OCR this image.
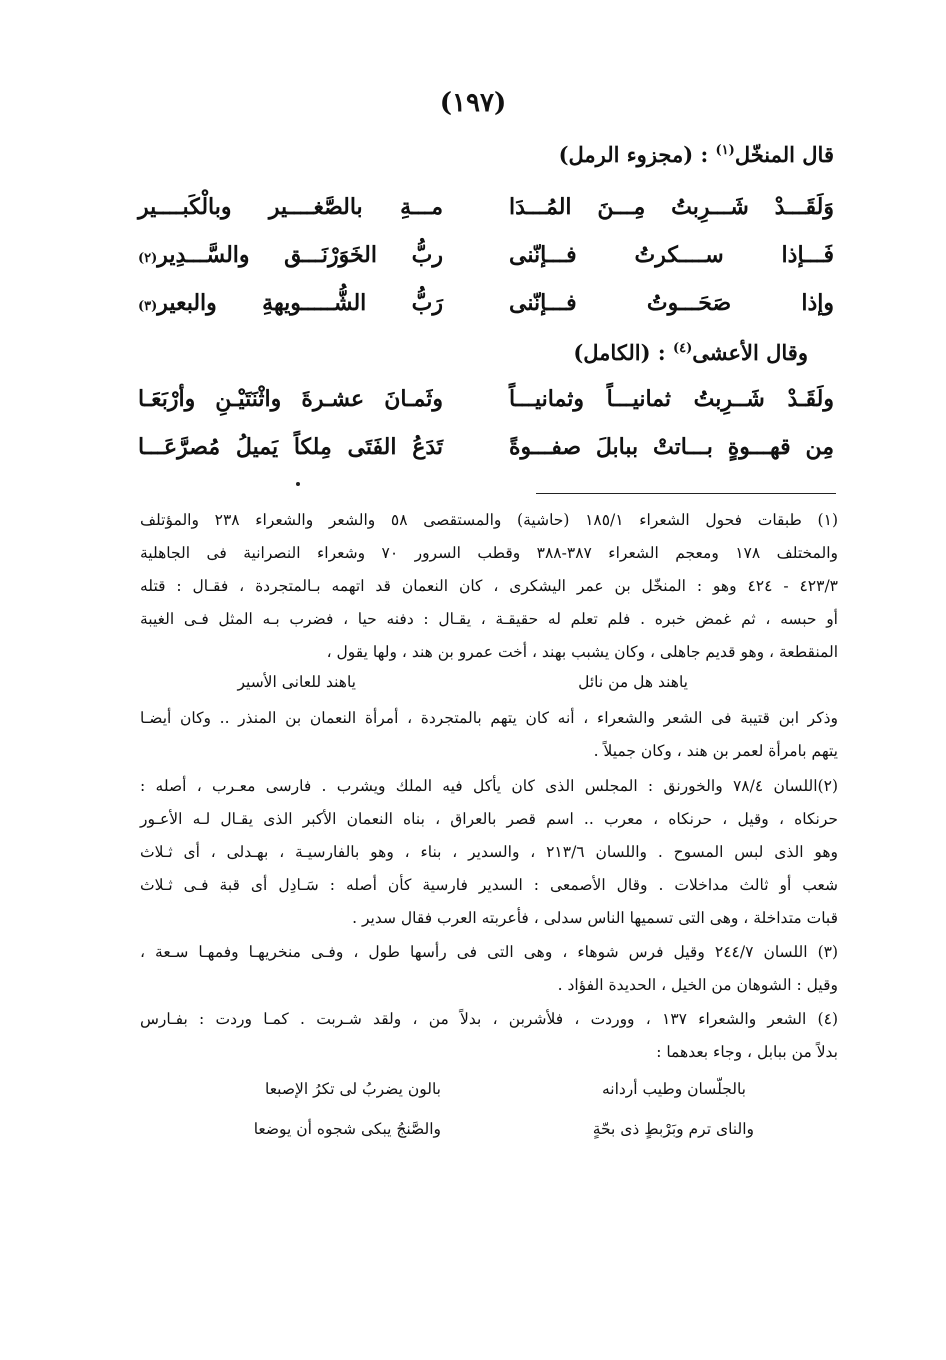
(١٩٧)
قال المنخّل$^{(١)}$ : (مجزوء الرمل)
وَلَقَـــدْ شَـــرِبتُ مِـــنَ المُـــدَا
مـــةِ بالصَّغــــير وبالْكَبــــير
فَـــإذا ســــكرتُ فـــإنّنى
ربُّ الخَوَرْنَـــق والسَّـــدِير(٢)
وإذا صَحَـــوتُ فـــإنّنى
رَبُّ الشُّـــــويهةِ والبعير(٣)
وقال الأعشى$^{(٤)}$ : (الكامل)
ولَقَـدْ شَــرِبتُ ثمانيـــاً وثمانيـــاً
وثَمـانَ عشـرةَ واثْنَتَيْـنِ وأرْبَعَـا
مِن قهـــوةٍ بـــاتتْ ببابلَ صفـــوةً
تَدَعُ الفَتَى مِلكاً يَميلُ مُصرَّعَـــا
(١) طبقات فحول الشعراء ١٨٥/١ (حاشية) والمستقصى ٥٨ والشعر والشعراء ٢٣٨ والمؤتلف
والمختلف ١٧٨ ومعجم الشعراء ٣٨٧-٣٨٨ وقطب السرور ٧٠ وشعراء النصرانية فى الجاهلية
٤٢٣/٣ - ٤٢٤ وهو : المنخّل بن عمر اليشكرى ، كان النعمان قد اتهمه بـالمتجردة ، فقـال : قتله
أو حبسه ، ثم غمض خبره . فلم تعلم له حقيقـة ، يقـال : دفنه حيا ، فضرب بـه المثل فـى الغيبة
المنقطعة ، وهو قديم جاهلى ، وكان يشبب بهند ، أخت عمرو بن هند ، ولها يقول ،
ياهند هل من نائل
ياهند للعانى الأسير
وذكر ابن قتيبة فى الشعر والشعراء ، أنه كان يتهم بالمتجردة ، أمرأة النعمان بن المنذر .. وكان أيضـا
يتهم بامرأة لعمر بن هند ، وكان جميلاً .
(٢)اللسان ٧٨/٤ والخورنق : المجلس الذى كان يأكل فيه الملك ويشرب . فارسى معـرب ، أصله :
حرنكاه ، وقيل ، حرنكاه ، معرب .. اسم قصر بالعراق ، بناه النعمان الأكبر الذى يقـال لـه الأعـور
وهو الذى لبس المسوح . واللسان ٢١٣/٦ ، والسدير ، بناء ، وهو بالفارسيـة ، بهـدلى ، أى ثـلاث
شعب أو ثالث مداخلات . وقال الأصمعى : السدير فارسية كأن أصله : سَـادِل أى قبة فـى ثـلاث
قبات متداخلة ، وهى التى تسميها الناس سدلى ، فأعربته العرب فقال سدير .
(٣) اللسان ٢٤٤/٧ وقيل فرس شوهاء ، وهى التى فى رأسها طول ، وفـى منخريهـا وفمهـا سـعة ،
وقيل : الشوهان من الخيل ، الحديدة الفؤاد .
(٤) الشعر والشعراء ١٣٧ ، ووردت ، فلأشربن ، بدلاً من ، ولقد شـربت . كمـا وردت : بفـارس
بدلاً من ببابل ، وجاء بعدهما :
بالجلّسان وطيب أردانه
بالون يضربُ لى تكرُ الإصبعا
والناى ترم وبَرْبطٍ ذى بحّةٍ
والصَّنجُ يبكى شجوه أن يوضعا
